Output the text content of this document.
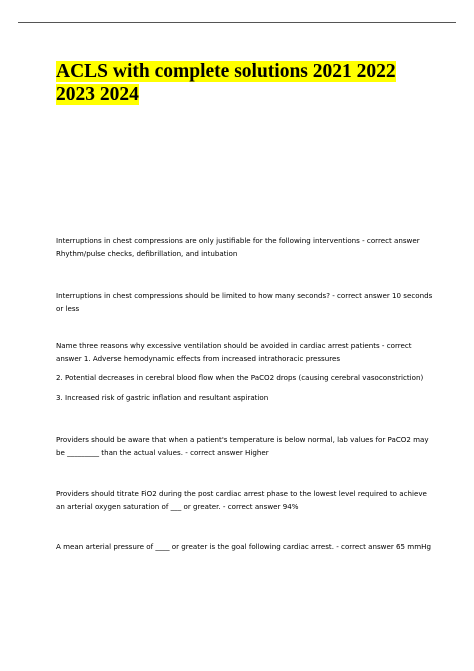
ACLS with complete solutions 2021 2022 2023 2024

Interruptions in chest compressions are only justifiable for the following interventions - correct answer Rhythm/pulse checks, defibrillation, and intubation

Interruptions in chest compressions should be limited to how many seconds? - correct answer 10 seconds or less

Name three reasons why excessive ventilation should be avoided in cardiac arrest patients - correct answer 1. Adverse hemodynamic effects from increased intrathoracic pressures

2. Potential decreases in cerebral blood flow when the PaCO2 drops (causing cerebral vasoconstriction)

3. Increased risk of gastric inflation and resultant aspiration

Providers should be aware that when a patient's temperature is below normal, lab values for PaCO2 may be _________ than the actual values. - correct answer Higher

Providers should titrate FiO2 during the post cardiac arrest phase to the lowest level required to achieve an arterial oxygen saturation of ___ or greater. - correct answer 94%

A mean arterial pressure of ____ or greater is the goal following cardiac arrest. - correct answer 65 mmHg
